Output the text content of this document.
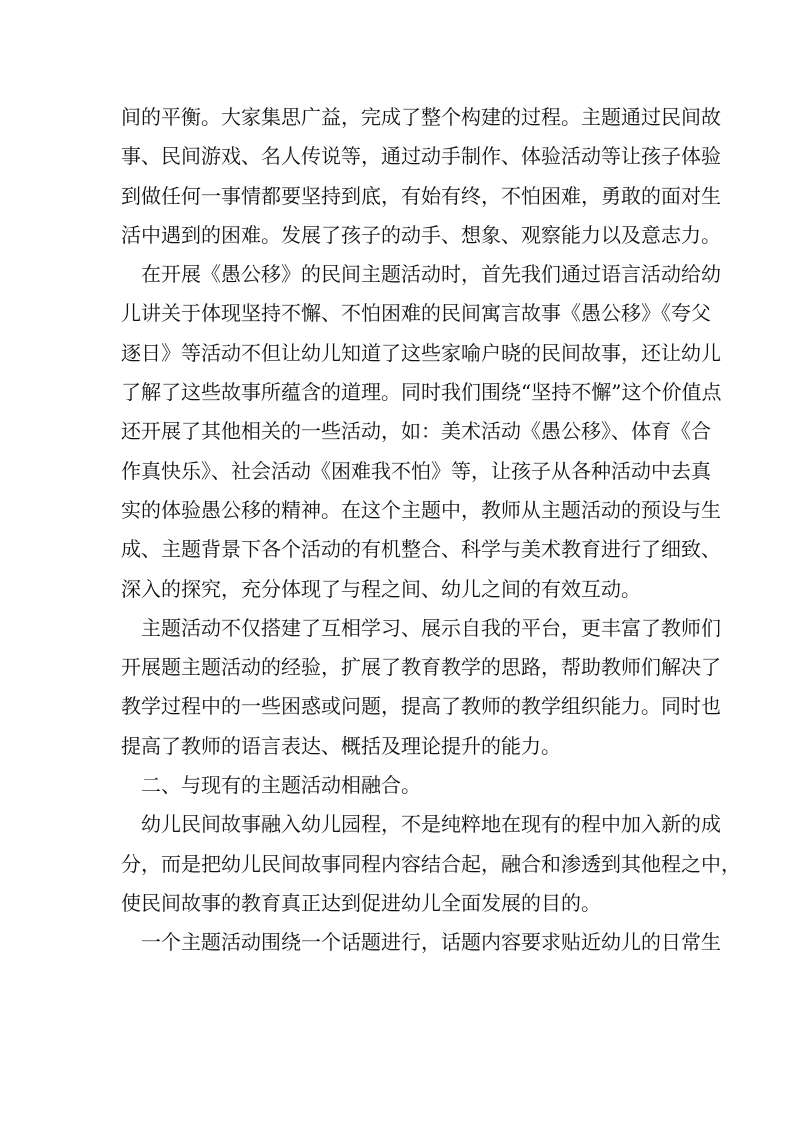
间的平衡。大家集思广益，完成了整个构建的过程。主题通过民间故
事、民间游戏、名人传说等，通过动手制作、体验活动等让孩子体验
到做任何一事情都要坚持到底，有始有终，不怕困难，勇敢的面对生
活中遇到的困难。发展了孩子的动手、想象、观察能力以及意志力。
在开展《愚公移》的民间主题活动时，首先我们通过语言活动给幼
儿讲关于体现坚持不懈、不怕困难的民间寓言故事《愚公移》《夸父
逐日》等活动不但让幼儿知道了这些家喻户晓的民间故事，还让幼儿
了解了这些故事所蕴含的道理。同时我们围绕“坚持不懈”这个价值点
还开展了其他相关的一些活动，如：美术活动《愚公移》、体育《合
作真快乐》、社会活动《困难我不怕》等，让孩子从各种活动中去真
实的体验愚公移的精神。在这个主题中，教师从主题活动的预设与生
成、主题背景下各个活动的有机整合、科学与美术教育进行了细致、
深入的探究，充分体现了与程之间、幼儿之间的有效互动。
主题活动不仅搭建了互相学习、展示自我的平台，更丰富了教师们
开展题主题活动的经验，扩展了教育教学的思路，帮助教师们解决了
教学过程中的一些困惑或问题，提高了教师的教学组织能力。同时也
提高了教师的语言表达、概括及理论提升的能力。
二、与现有的主题活动相融合。
幼儿民间故事融入幼儿园程，不是纯粹地在现有的程中加入新的成
分，而是把幼儿民间故事同程内容结合起，融合和渗透到其他程之中，
使民间故事的教育真正达到促进幼儿全面发展的目的。
一个主题活动围绕一个话题进行，话题内容要求贴近幼儿的日常生
